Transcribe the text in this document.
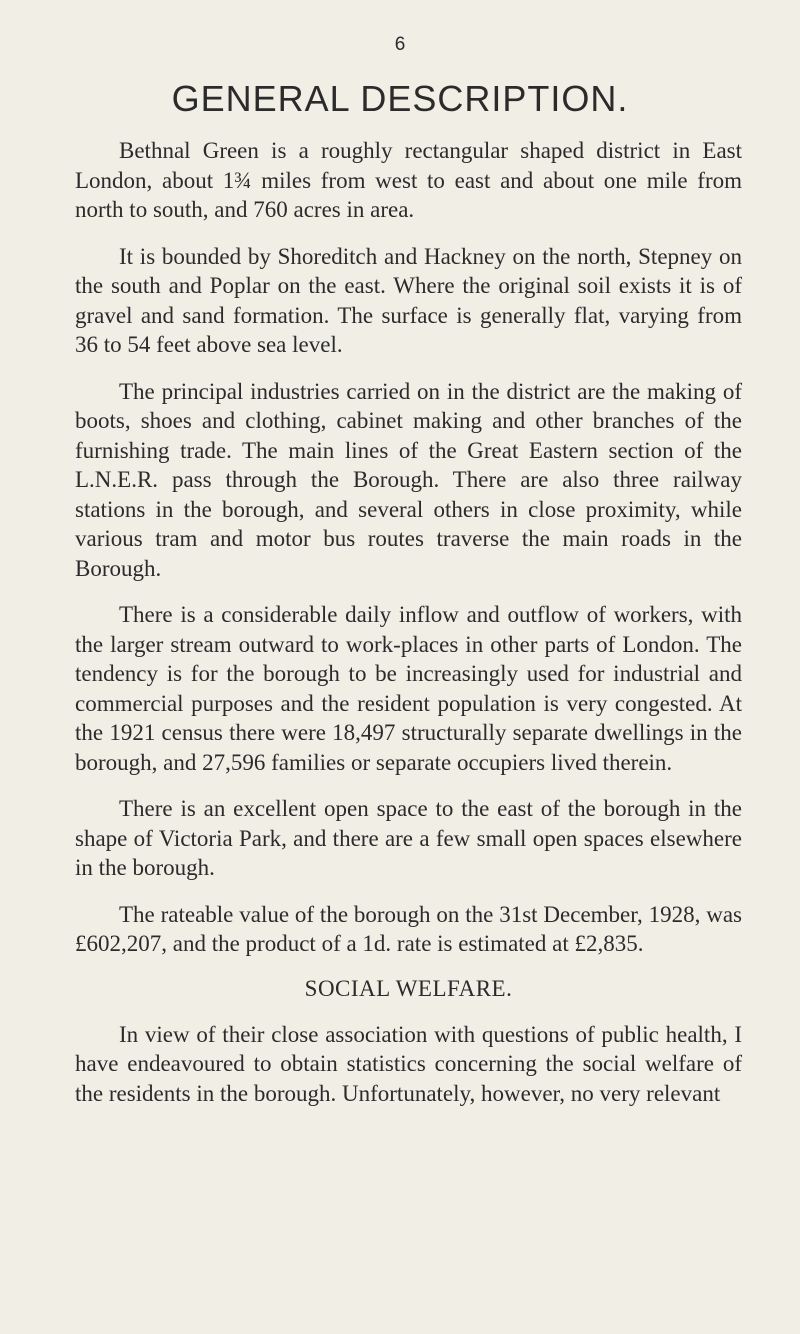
6
GENERAL DESCRIPTION.

Bethnal Green is a roughly rectangular shaped district in East London, about 1¾ miles from west to east and about one mile from north to south, and 760 acres in area.

It is bounded by Shoreditch and Hackney on the north, Stepney on the south and Poplar on the east. Where the original soil exists it is of gravel and sand formation. The surface is generally flat, varying from 36 to 54 feet above sea level.

The principal industries carried on in the district are the making of boots, shoes and clothing, cabinet making and other branches of the furnishing trade. The main lines of the Great Eastern section of the L.N.E.R. pass through the Borough. There are also three railway stations in the borough, and several others in close proximity, while various tram and motor bus routes traverse the main roads in the Borough.

There is a considerable daily inflow and outflow of workers, with the larger stream outward to work-places in other parts of London. The tendency is for the borough to be increasingly used for industrial and commercial purposes and the resident population is very congested. At the 1921 census there were 18,497 structurally separate dwellings in the borough, and 27,596 families or separate occupiers lived therein.

There is an excellent open space to the east of the borough in the shape of Victoria Park, and there are a few small open spaces elsewhere in the borough.

The rateable value of the borough on the 31st December, 1928, was £602,207, and the product of a 1d. rate is estimated at £2,835.

SOCIAL WELFARE.

In view of their close association with questions of public health, I have endeavoured to obtain statistics concerning the social welfare of the residents in the borough. Unfortunately, however, no very relevant
